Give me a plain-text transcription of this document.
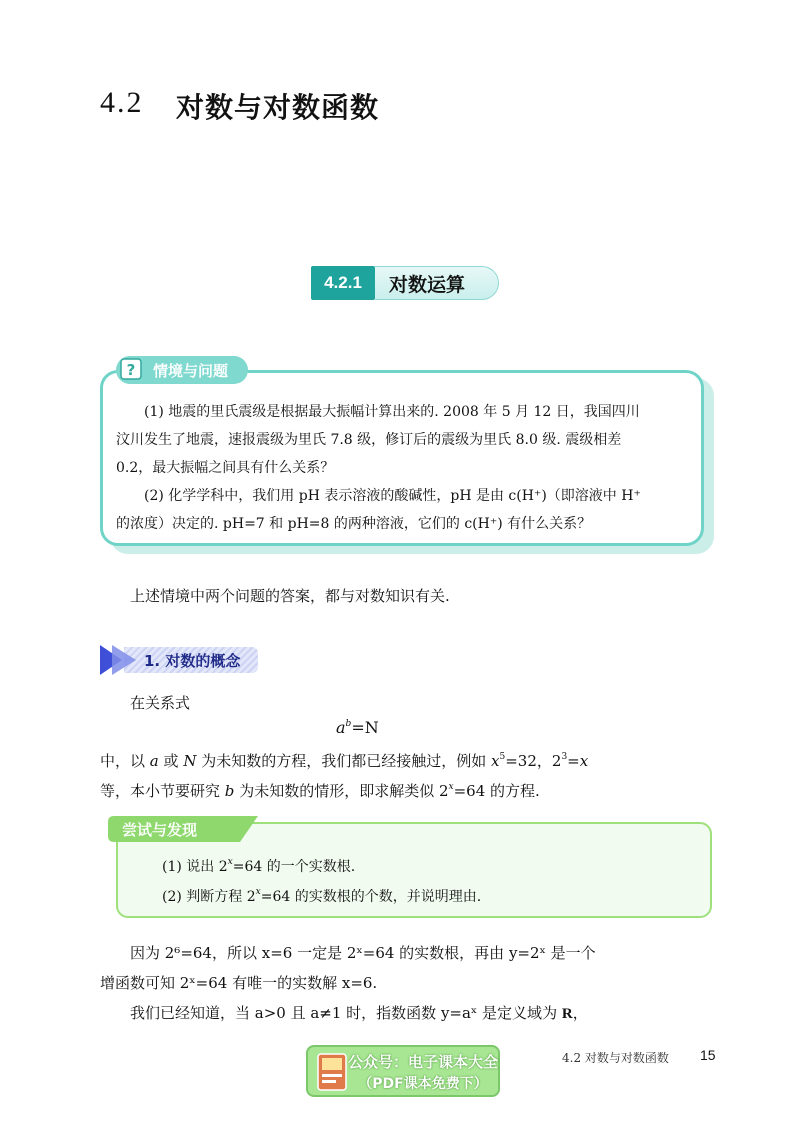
4.2 对数与对数函数
4.2.1	对数运算
? 情境与问题
(1) 地震的里氏震级是根据最大振幅计算出来的. 2008 年 5 月 12 日，我国四川
汶川发生了地震，速报震级为里氏 7.8 级，修订后的震级为里氏 8.0 级. 震级相差
0.2，最大振幅之间具有什么关系？
(2) 化学学科中，我们用 pH 表示溶液的酸碱性，pH 是由 c(H⁺)（即溶液中 H⁺
的浓度）决定的. pH=7 和 pH=8 的两种溶液，它们的 c(H⁺) 有什么关系？
上述情境中两个问题的答案，都与对数知识有关.
1. 对数的概念
在关系式
$a^b=N$
中，以 a 或 N 为未知数的方程，我们都已经接触过，例如 $x^5=32$，$2^3=x$
等，本小节要研究 b 为未知数的情形，即求解类似 $2^x=64$ 的方程.
尝试与发现
(1) 说出 $2^x=64$ 的一个实数根.
(2) 判断方程 $2^x=64$ 的实数根的个数，并说明理由.
因为 2⁶=64，所以 x=6 一定是 2ˣ=64 的实数根，再由 y=2ˣ 是一个
增函数可知 2ˣ=64 有唯一的实数解 x=6.
我们已经知道，当 a>0 且 a≠1 时，指数函数 y=aˣ 是定义域为 R，
公众号：电子课本大全
（PDF课本免费下）
4.2 对数与对数函数 15
